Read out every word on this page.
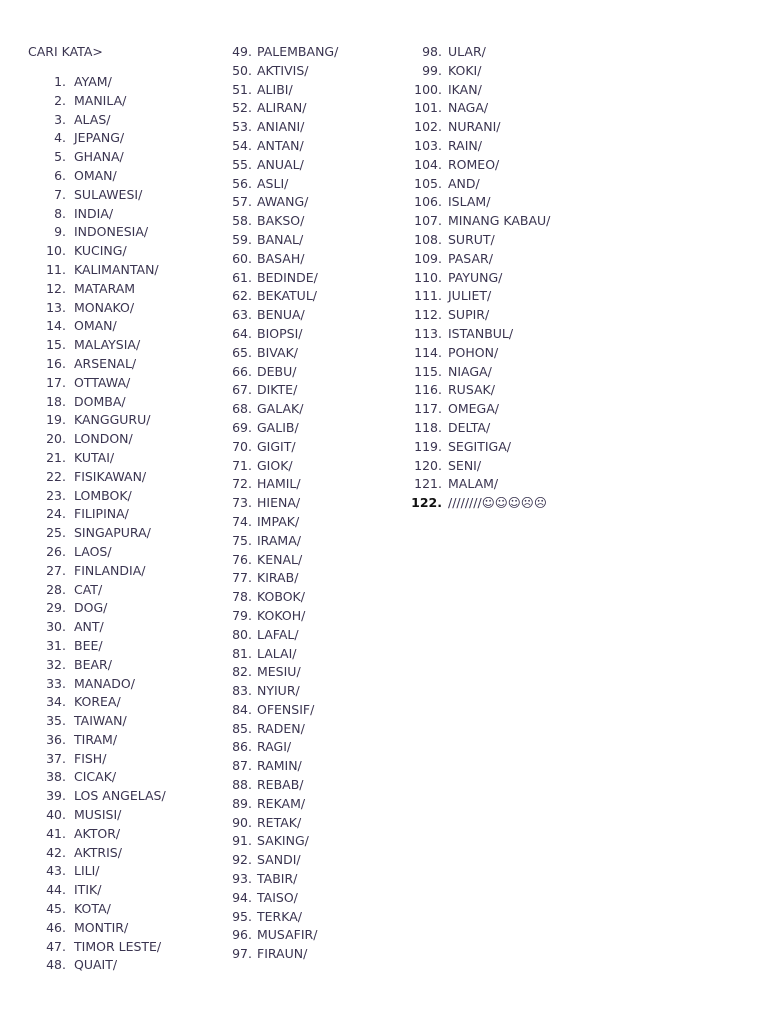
CARI KATA>
1. AYAM/
2. MANILA/
3. ALAS/
4. JEPANG/
5. GHANA/
6. OMAN/
7. SULAWESI/
8. INDIA/
9. INDONESIA/
10. KUCING/
11. KALIMANTAN/
12. MATARAM
13. MONAKO/
14. OMAN/
15. MALAYSIA/
16. ARSENAL/
17. OTTAWA/
18. DOMBA/
19. KANGGURU/
20. LONDON/
21. KUTAI/
22. FISIKAWAN/
23. LOMBOK/
24. FILIPINA/
25. SINGAPURA/
26. LAOS/
27. FINLANDIA/
28. CAT/
29. DOG/
30. ANT/
31. BEE/
32. BEAR/
33. MANADO/
34. KOREA/
35. TAIWAN/
36. TIRAM/
37. FISH/
38. CICAK/
39. LOS ANGELAS/
40. MUSISI/
41. AKTOR/
42. AKTRIS/
43. LILI/
44. ITIK/
45. KOTA/
46. MONTIR/
47. TIMOR LESTE/
48. QUAIT/
49. PALEMBANG/
50. AKTIVIS/
51. ALIBI/
52. ALIRAN/
53. ANIANI/
54. ANTAN/
55. ANUAL/
56. ASLI/
57. AWANG/
58. BAKSO/
59. BANAL/
60. BASAH/
61. BEDINDE/
62. BEKATUL/
63. BENUA/
64. BIOPSI/
65. BIVAK/
66. DEBU/
67. DIKTE/
68. GALAK/
69. GALIB/
70. GIGIT/
71. GIOK/
72. HAMIL/
73. HIENA/
74. IMPAK/
75. IRAMA/
76. KENAL/
77. KIRAB/
78. KOBOK/
79. KOKOH/
80. LAFAL/
81. LALAI/
82. MESIU/
83. NYIUR/
84. OFENSIF/
85. RADEN/
86. RAGI/
87. RAMIN/
88. REBAB/
89. REKAM/
90. RETAK/
91. SAKING/
92. SANDI/
93. TABIR/
94. TAISO/
95. TERKA/
96. MUSAFIR/
97. FIRAUN/
98. ULAR/
99. KOKI/
100. IKAN/
101. NAGA/
102. NURANI/
103. RAIN/
104. ROMEO/
105. AND/
106. ISLAM/
107. MINANG KABAU/
108. SURUT/
109. PASAR/
110. PAYUNG/
111. JULIET/
112. SUPIR/
113. ISTANBUL/
114. POHON/
115. NIAGA/
116. RUSAK/
117. OMEGA/
118. DELTA/
119. SEGITIGA/
120. SENI/
121. MALAM/
122. ////////☺☺☺☹☹
